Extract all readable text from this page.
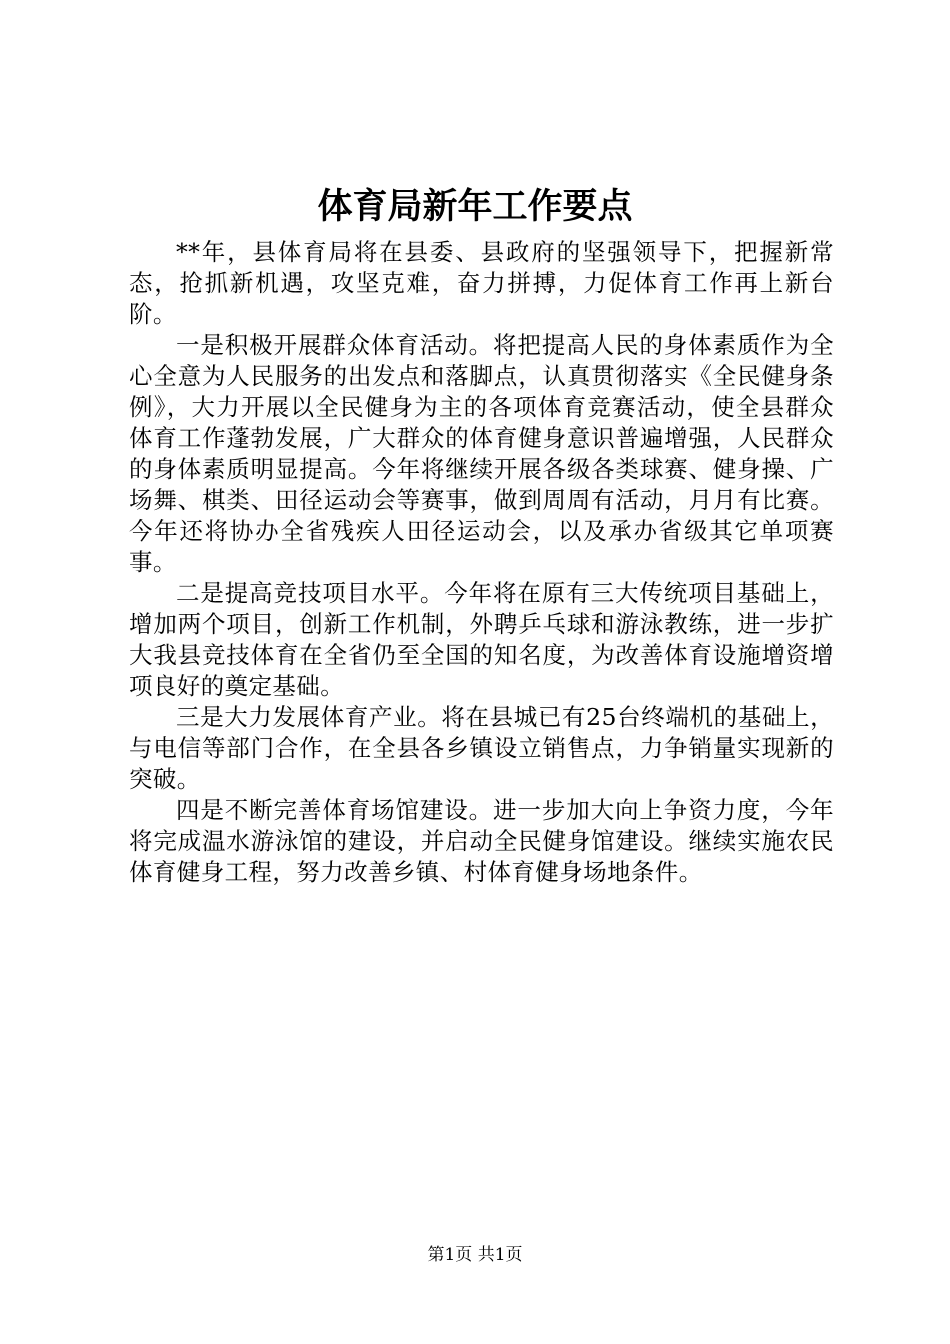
体育局新年工作要点

**年，县体育局将在县委、县政府的坚强领导下，把握新常态，抢抓新机遇，攻坚克难，奋力拼搏，力促体育工作再上新台阶。

一是积极开展群众体育活动。将把提高人民的身体素质作为全心全意为人民服务的出发点和落脚点，认真贯彻落实《全民健身条例》，大力开展以全民健身为主的各项体育竞赛活动，使全县群众体育工作蓬勃发展，广大群众的体育健身意识普遍增强，人民群众的身体素质明显提高。今年将继续开展各级各类球赛、健身操、广场舞、棋类、田径运动会等赛事，做到周周有活动，月月有比赛。今年还将协办全省残疾人田径运动会，以及承办省级其它单项赛事。

二是提高竞技项目水平。今年将在原有三大传统项目基础上，增加两个项目，创新工作机制，外聘乒乓球和游泳教练，进一步扩大我县竞技体育在全省仍至全国的知名度，为改善体育设施增资增项良好的奠定基础。

三是大力发展体育产业。将在县城已有25台终端机的基础上，与电信等部门合作，在全县各乡镇设立销售点，力争销量实现新的突破。

四是不断完善体育场馆建设。进一步加大向上争资力度，今年将完成温水游泳馆的建设，并启动全民健身馆建设。继续实施农民体育健身工程，努力改善乡镇、村体育健身场地条件。

第1页 共1页
